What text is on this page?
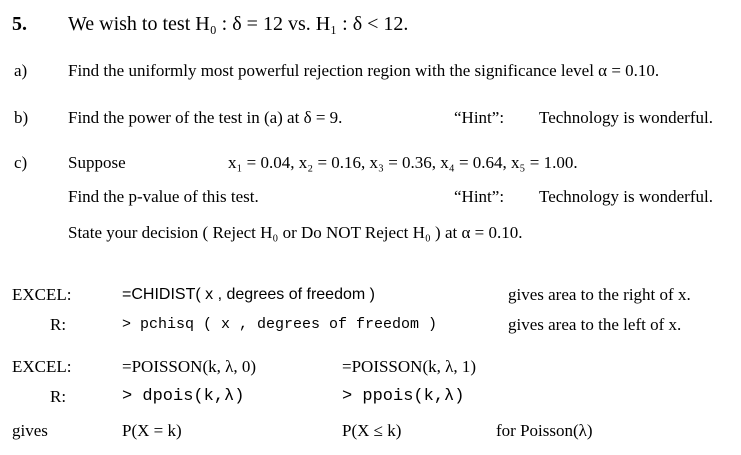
5. We wish to test H₀ : δ = 12 vs. H₁ : δ < 12.
a) Find the uniformly most powerful rejection region with the significance level α = 0.10.
b) Find the power of the test in (a) at δ = 9.	“Hint”: Technology is wonderful.
c) Suppose	x₁ = 0.04, x₂ = 0.16, x₃ = 0.36, x₄ = 0.64, x₅ = 1.00.
Find the p-value of this test.	“Hint”: Technology is wonderful.
State your decision ( Reject H₀ or Do NOT Reject H₀ ) at α = 0.10.
EXCEL:	=CHIDIST( x , degrees of freedom )	gives area to the right of x.
R:	> pchisq ( x , degrees of freedom )	gives area to the left of x.
EXCEL:	=POISSON(k, λ, 0)	=POISSON(k, λ, 1)
R:	> dpois(k,λ)	> ppois(k,λ)
gives	P(X = k)	P(X ≤ k)	for Poisson(λ)
